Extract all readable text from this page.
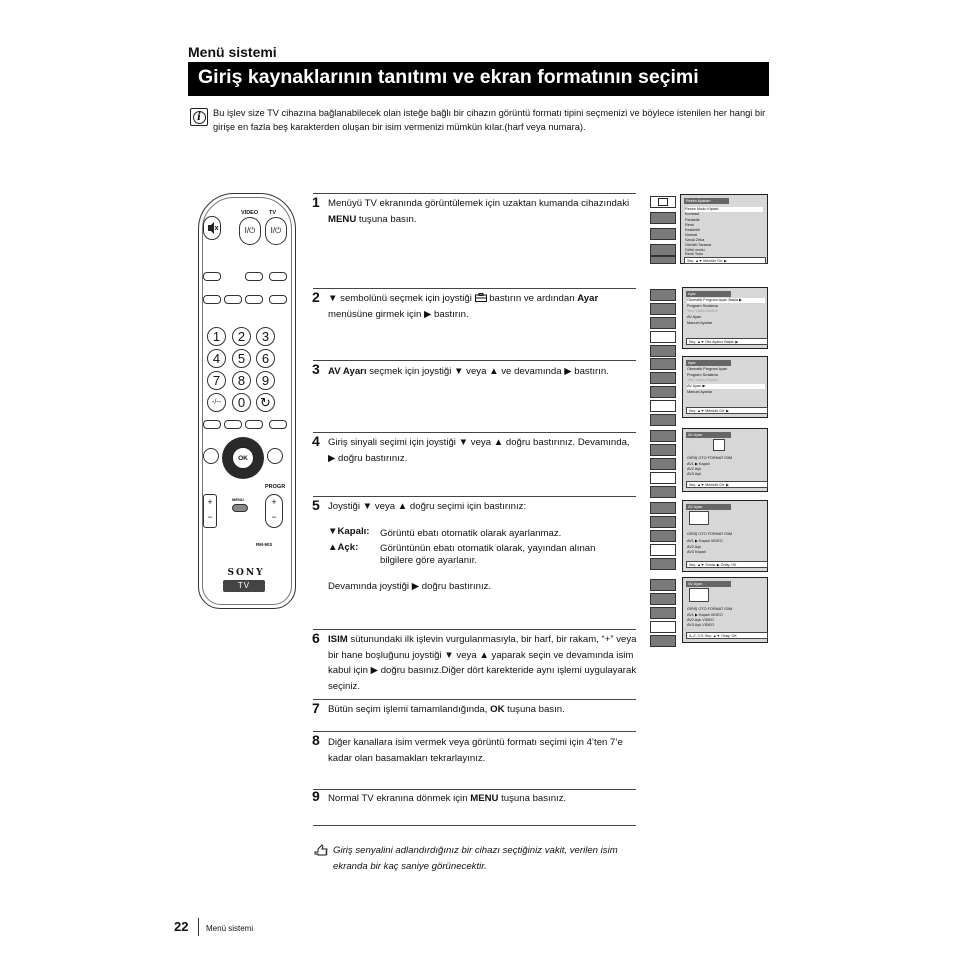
Menü sistemi
Giriş kaynaklarının tanıtımı ve ekran formatının seçimi
i	Bu işlev size TV cihazına bağlanabilecek olan isteğe bağlı bir cihazın görüntü formatı tipini seçmenizi ve böylece istenilen her hangi bir girişe en fazla beş karakterden oluşan bir isim vermenizi mümkün kılar.(harf veya numara).
VIDEO TV
I/⏻	I/⏻
1	2	3
4	5	6
7	8	9
-/--	0	↻
OK
PROGR
+
−
MENU	+
−
RM-903
SONY
TV
1 Menüyü TV ekranında görüntülemek için uzaktan kumanda cihazındaki MENU tuşuna basın.
2 ▼ sembolünü seçmek için joystiği  bastırın ve ardından Ayar menüsüne girmek için ▶ bastırın.
3 AV Ayarı seçmek için joystiği ▼ veya ▲ ve devamında ▶ bastırın.
4 Giriş sinyali seçimi için joystiği ▼ veya ▲ doğru bastırınız. Devamında, ▶ doğru bastırınız.
5 Joystiği ▼ veya ▲ doğru seçimi için bastırınız:
▼Kapalı: Görüntü ebatı otomatik olarak ayarlanmaz.
▲Açk: Görüntünün ebatı otomatik olarak, yayından alınan bilgilere göre ayarlanır.
Devamında joystiği ▶ doğru bastırınız.
6 ISIM sütunundaki ilk işlevin vurgulanmasıyla, bir harf, bir rakam, “+” veya bir hane boşluğunu joystiği ▼ veya ▲ yaparak seçin ve devamında isim kabul için ▶ doğru basınız.Diğer dört karekteride aynı işlemi uygulayarak seçiniz.
7 Bütün seçim işlemi tamamlandığında, OK tuşuna basın.
8 Diğer kanallara isim vermek veya görüntü formatı seçimi için 4’ten 7’e kadar olan basamakları tekrarlayınız.
9 Normal TV ekranına dönmek için MENU tuşuna basınız.
Giriş senyalini adlandırdığınız bir cihazı seçtiğiniz vakit, verilen isim ekranda bir kaç saniye görünecektir.
Resim Ayarları
Resim Modu Kişisel
Kontrast
Parlaklık
Renk
Keskinlik
Normal
Sanal Zeka
Gürültü Tarama
Dühü modu
Renk Tonu
Seç: ▲▼ Menüde Gir: ▶
Ayar
Otomatik Program Ayarı Başla ▶
Program Sıralama
Yeni Video Seçimi
AV Ayarı
Manuel Ayarlar
Seç: ▲▼ Oto.Ayarını Başla: ▶
Ayar
Otomatik Program Ayarı
Program Sıralama
Yeni Video Seçimi
AV Ayarı ▶
Manuel Ayarlar
Seç: ▲▼ Menüde Gir: ▶
AV Ayarı
GİRİŞ OTO FORMAT ISIM
AV1 ▶ Kapalı
AV2 Açk
AV3 Açk
Seç: ▲▼ Menüde Gir: ▶
AV Ayarı
GİRİŞ OTO FORMAT ISIM
AV1 ▶ Kapalı VIDEO
AV2 Açk
AV3 Kapalı
Seç: ▲▼ Sonra: ▶ Onay: OK
AV Ayarı
GİRİŞ OTO FORMAT ISIM
AV1 ▶ Kapalı VIDEO
AV2 Açk VIDEO
AV3 Açk VIDEO
A–Z, 0-9: Seç: ▲▼ Onay: OK
22 Menü sistemi
